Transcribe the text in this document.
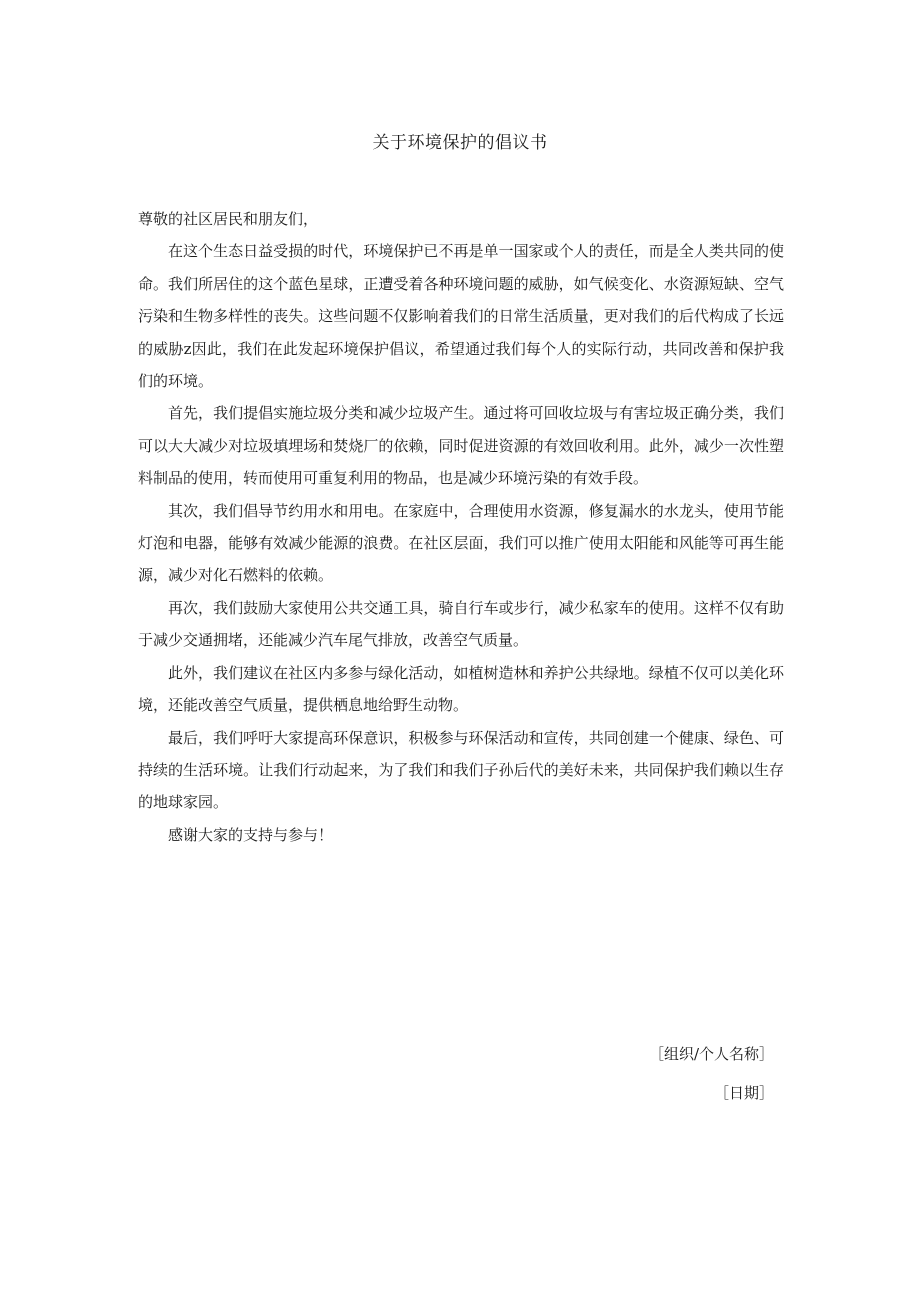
关于环境保护的倡议书

尊敬的社区居民和朋友们，

在这个生态日益受损的时代，环境保护已不再是单一国家或个人的责任，而是全人类共同的使命。我们所居住的这个蓝色星球，正遭受着各种环境问题的威胁，如气候变化、水资源短缺、空气污染和生物多样性的丧失。这些问题不仅影响着我们的日常生活质量，更对我们的后代构成了长远的威胁z因此，我们在此发起环境保护倡议，希望通过我们每个人的实际行动，共同改善和保护我们的环境。

首先，我们提倡实施垃圾分类和减少垃圾产生。通过将可回收垃圾与有害垃圾正确分类，我们可以大大减少对垃圾填埋场和焚烧厂的依赖，同时促进资源的有效回收利用。此外，减少一次性塑料制品的使用，转而使用可重复利用的物品，也是减少环境污染的有效手段。

其次，我们倡导节约用水和用电。在家庭中，合理使用水资源，修复漏水的水龙头，使用节能灯泡和电器，能够有效减少能源的浪费。在社区层面，我们可以推广使用太阳能和风能等可再生能源，减少对化石燃料的依赖。

再次，我们鼓励大家使用公共交通工具，骑自行车或步行，减少私家车的使用。这样不仅有助于减少交通拥堵，还能减少汽车尾气排放，改善空气质量。

此外，我们建议在社区内多参与绿化活动，如植树造林和养护公共绿地。绿植不仅可以美化环境，还能改善空气质量，提供栖息地给野生动物。

最后，我们呼吁大家提高环保意识，积极参与环保活动和宣传，共同创建一个健康、绿色、可持续的生活环境。让我们行动起来，为了我们和我们子孙后代的美好未来，共同保护我们赖以生存的地球家园。

感谢大家的支持与参与！

［组织/个人名称］
［日期］
